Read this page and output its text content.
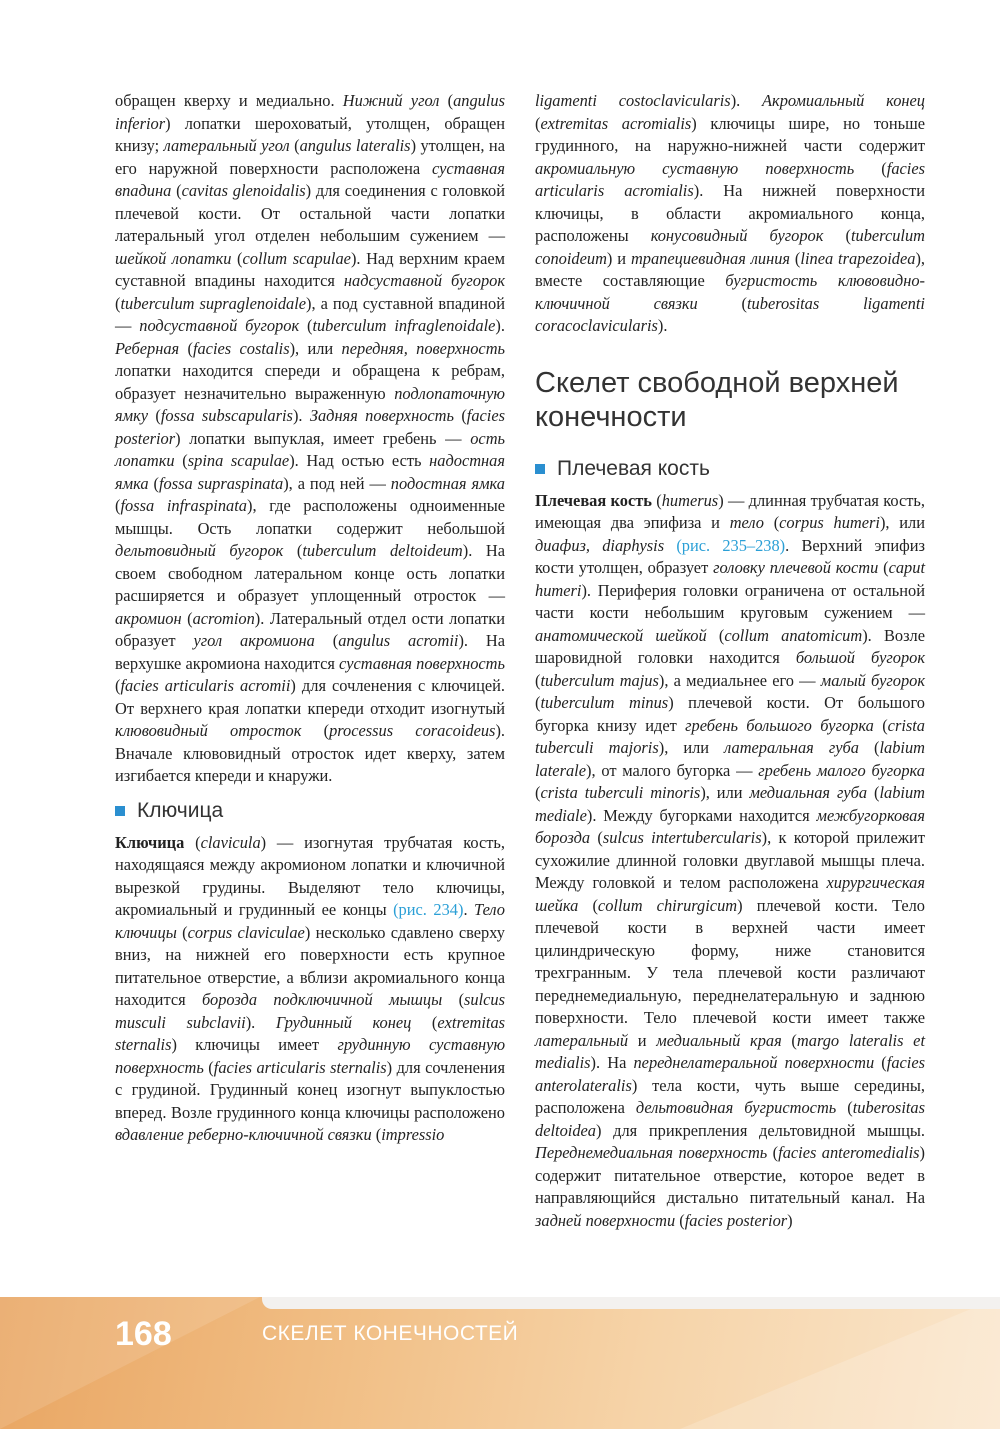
обращен кверху и медиально. Нижний угол (angulus inferior) лопатки шероховатый, утолщен, обращен книзу; латеральный угол (angulus lateralis) утолщен, на его наружной поверхности расположена суставная впадина (cavitas glenoidalis) для соединения с головкой плечевой кости. От остальной части лопатки латеральный угол отделен небольшим сужением — шейкой лопатки (collum scapulae). Над верхним краем суставной впадины находится надсуставной бугорок (tuberculum supraglenoidale), а под суставной впадиной — подсуставной бугорок (tuberculum infraglenoidale). Реберная (facies costalis), или передняя, поверхность лопатки находится спереди и обращена к ребрам, образует незначительно выраженную подлопаточную ямку (fossa subscapularis). Задняя поверхность (facies posterior) лопатки выпуклая, имеет гребень — ость лопатки (spina scapulae). Над остью есть надостная ямка (fossa supraspinata), а под ней — подостная ямка (fossa infraspinata), где расположены одноименные мышцы. Ость лопатки содержит небольшой дельтовидный бугорок (tuberculum deltoideum). На своем свободном латеральном конце ость лопатки расширяется и образует уплощенный отросток — акромион (acromion). Латеральный отдел ости лопатки образует угол акромиона (angulus acromii). На верхушке акромиона находится суставная поверхность (facies articularis acromii) для сочленения с ключицей. От верхнего края лопатки кпереди отходит изогнутый клювовидный отросток (processus coracoideus). Вначале клювовидный отросток идет кверху, затем изгибается кпереди и кнаружи.

Ключица

Ключица (clavicula) — изогнутая трубчатая кость, находящаяся между акромионом лопатки и ключичной вырезкой грудины. Выделяют тело ключицы, акромиальный и грудинный ее концы (рис. 234). Тело ключицы (corpus claviculae) несколько сдавлено сверху вниз, на нижней его поверхности есть крупное питательное отверстие, а вблизи акромиального конца находится борозда подключичной мышцы (sulcus musculi subclavii). Грудинный конец (extremitas sternalis) ключицы имеет грудинную суставную поверхность (facies articularis sternalis) для сочленения с грудиной. Грудинный конец изогнут выпуклостью вперед. Возле грудинного конца ключицы расположено вдавление реберно-ключичной связки (impressio

ligamenti costoclavicularis). Акромиальный конец (extremitas acromialis) ключицы шире, но тоньше грудинного, на наружно-нижней части содержит акромиальную суставную поверхность (facies articularis acromialis). На нижней поверхности ключицы, в области акромиального конца, расположены конусовидный бугорок (tuberculum conoideum) и трапециевидная линия (linea trapezoidea), вместе составляющие бугристость клювовидно-ключичной связки (tuberositas ligamenti coracoclavicularis).

Скелет свободной верхней конечности
Плечевая кость

Плечевая кость (humerus) — длинная трубчатая кость, имеющая два эпифиза и тело (corpus humeri), или диафиз, diaphysis (рис. 235–238). Верхний эпифиз кости утолщен, образует головку плечевой кости (caput humeri). Периферия головки ограничена от остальной части кости небольшим круговым сужением — анатомической шейкой (collum anatomicum). Возле шаровидной головки находится большой бугорок (tuberculum majus), а медиальнее его — малый бугорок (tuberculum minus) плечевой кости. От большого бугорка книзу идет гребень большого бугорка (crista tuberculi majoris), или латеральная губа (labium laterale), от малого бугорка — гребень малого бугорка (crista tuberculi minoris), или медиальная губа (labium mediale). Между бугорками находится межбугорковая борозда (sulcus intertubercularis), к которой прилежит сухожилие длинной головки двуглавой мышцы плеча. Между головкой и телом расположена хирургическая шейка (collum chirurgicum) плечевой кости. Тело плечевой кости в верхней части имеет цилиндрическую форму, ниже становится трехгранным. У тела плечевой кости различают переднемедиальную, переднелатеральную и заднюю поверхности. Тело плечевой кости имеет также латеральный и медиальный края (margo lateralis et medialis). На переднелатеральной поверхности (facies anterolateralis) тела кости, чуть выше середины, расположена дельтовидная бугристость (tuberositas deltoidea) для прикрепления дельтовидной мышцы. Переднемедиальная поверхность (facies anteromedialis) содержит питательное отверстие, которое ведет в направляющийся дистально питательный канал. На задней поверхности (facies posterior)

168	СКЕЛЕТ КОНЕЧНОСТЕЙ
